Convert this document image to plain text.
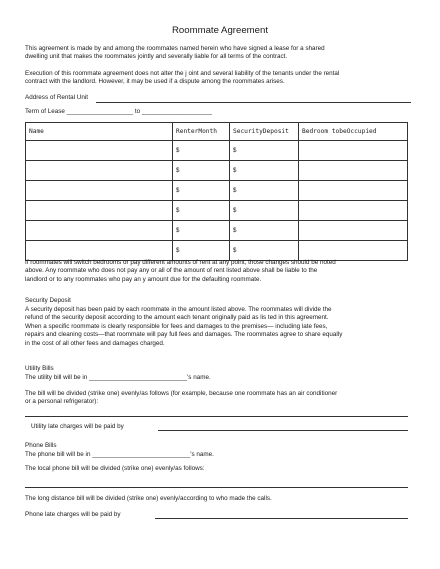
Roommate Agreement
This agreement is made by and among the roommates named herein who have signed a lease for a shared
dwelling unit that makes the roommates jointly and severally liable for all terms of the contract.
Execution of this roommate agreement does not alter the j oint and several liability of the tenants under the rental
contract with the landlord. However, it may be used if a dispute among the roommates arises.
Address of Rental Unit
Term of Lease ___________________ to ____________________
Name	RenterMonth	SecurityDeposit	Bedroom tobeOccupied
	$	$	
	$	$	
	$	$	
	$	$	
	$	$	
	$	$	
If roommates will switch bedrooms or pay different amounts of rent at any point, those changes should be noted
above. Any roommate who does not pay any or all of the amount of rent listed above shall be liable to the
landlord or to any roommates who pay an y amount due for the defaulting roommate.
Security Deposit
A security deposit has been paid by each roommate in the amount listed above. The roommates will divide the
refund of the security deposit according to the amount each tenant originally paid as lis ted in this agreement.
When a specific roommate is clearly responsible for fees and damages to the premises— including late fees,
repairs and cleaning costs—that roommate will pay full fees and damages. The roommates agree to share equally
in the cost of all other fees and damages charged.
Utility Bills
The utility bill will be in ____________________________'s name.
The bill will be divided (strike one) evenly/as follows (for example, because one roommate has an air conditioner
or a personal refrigerator):
Utility late charges will be paid by
Phone Bills
The phone bill will be in ____________________________'s name.
The local phone bill will be divided (strike one) evenly/as follows:
The long distance bill will be divided (strike one) evenly/according to who made the calls.
Phone late charges will be paid by
